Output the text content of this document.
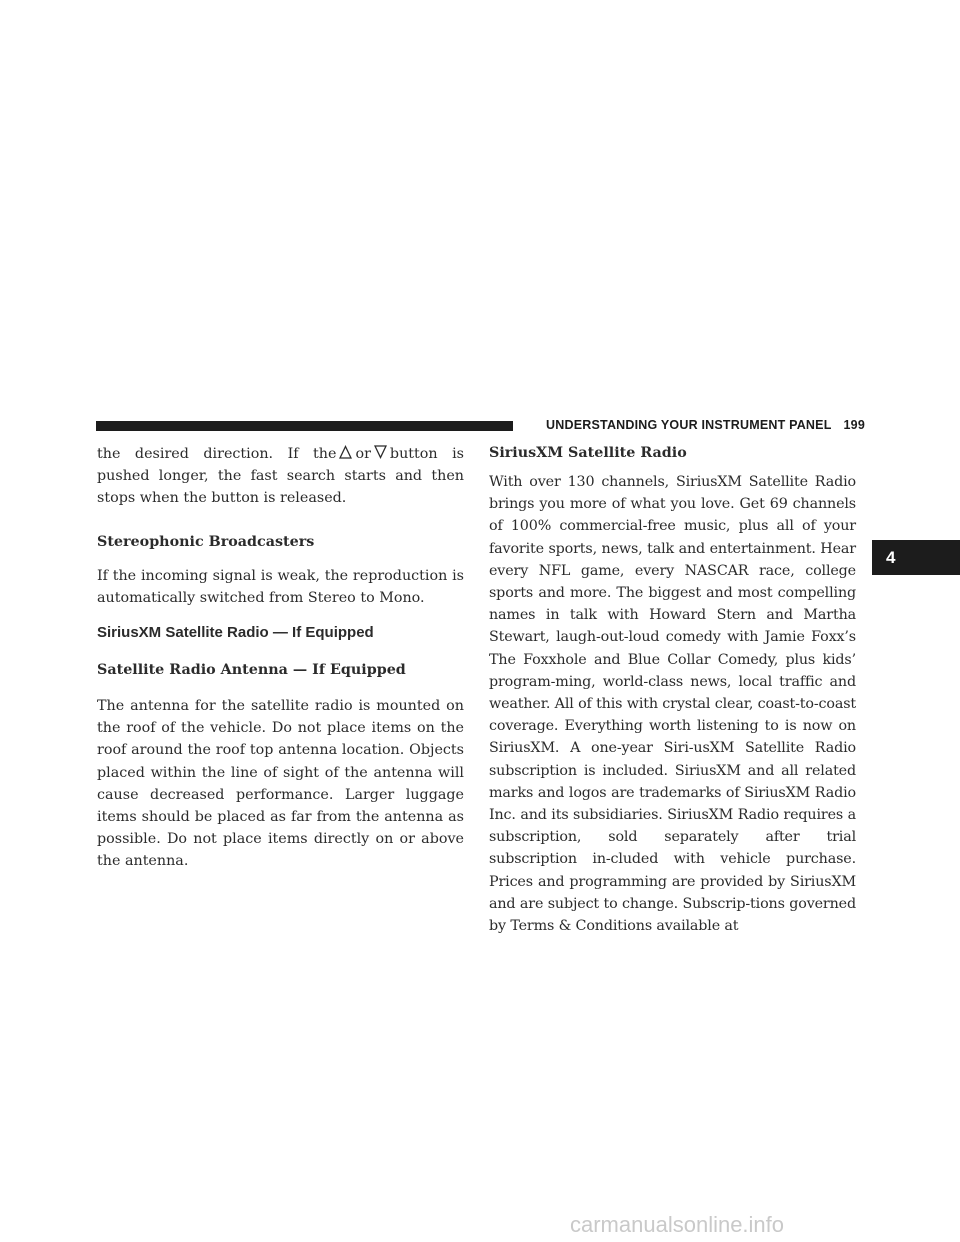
UNDERSTANDING YOUR INSTRUMENT PANEL 199

the desired direction. If the or button is pushed longer, the fast search starts and then stops when the button is released.

Stereophonic Broadcasters

If the incoming signal is weak, the reproduction is automatically switched from Stereo to Mono.

SiriusXM Satellite Radio — If Equipped
Satellite Radio Antenna — If Equipped

The antenna for the satellite radio is mounted on the roof of the vehicle. Do not place items on the roof around the roof top antenna location. Objects placed within the line of sight of the antenna will cause decreased performance. Larger luggage items should be placed as far from the antenna as possible. Do not place items directly on or above the antenna.

SiriusXM Satellite Radio

With over 130 channels, SiriusXM Satellite Radio brings you more of what you love. Get 69 channels of 100% commercial-free music, plus all of your favorite sports, news, talk and entertainment. Hear every NFL game, every NASCAR race, college sports and more. The biggest and most compelling names in talk with Howard Stern and Martha Stewart, laugh-out-loud comedy with Jamie Foxx’s The Foxxhole and Blue Collar Comedy, plus kids’ program-ming, world-class news, local traffic and weather. All of this with crystal clear, coast-to-coast coverage. Everything worth listening to is now on SiriusXM. A one-year Siri-usXM Satellite Radio subscription is included. SiriusXM and all related marks and logos are trademarks of SiriusXM Radio Inc. and its subsidiaries. SiriusXM Radio requires a subscription, sold separately after trial subscription in-cluded with vehicle purchase. Prices and programming are provided by SiriusXM and are subject to change. Subscrip-tions governed by Terms & Conditions available at

4
carmanualsonline.info
